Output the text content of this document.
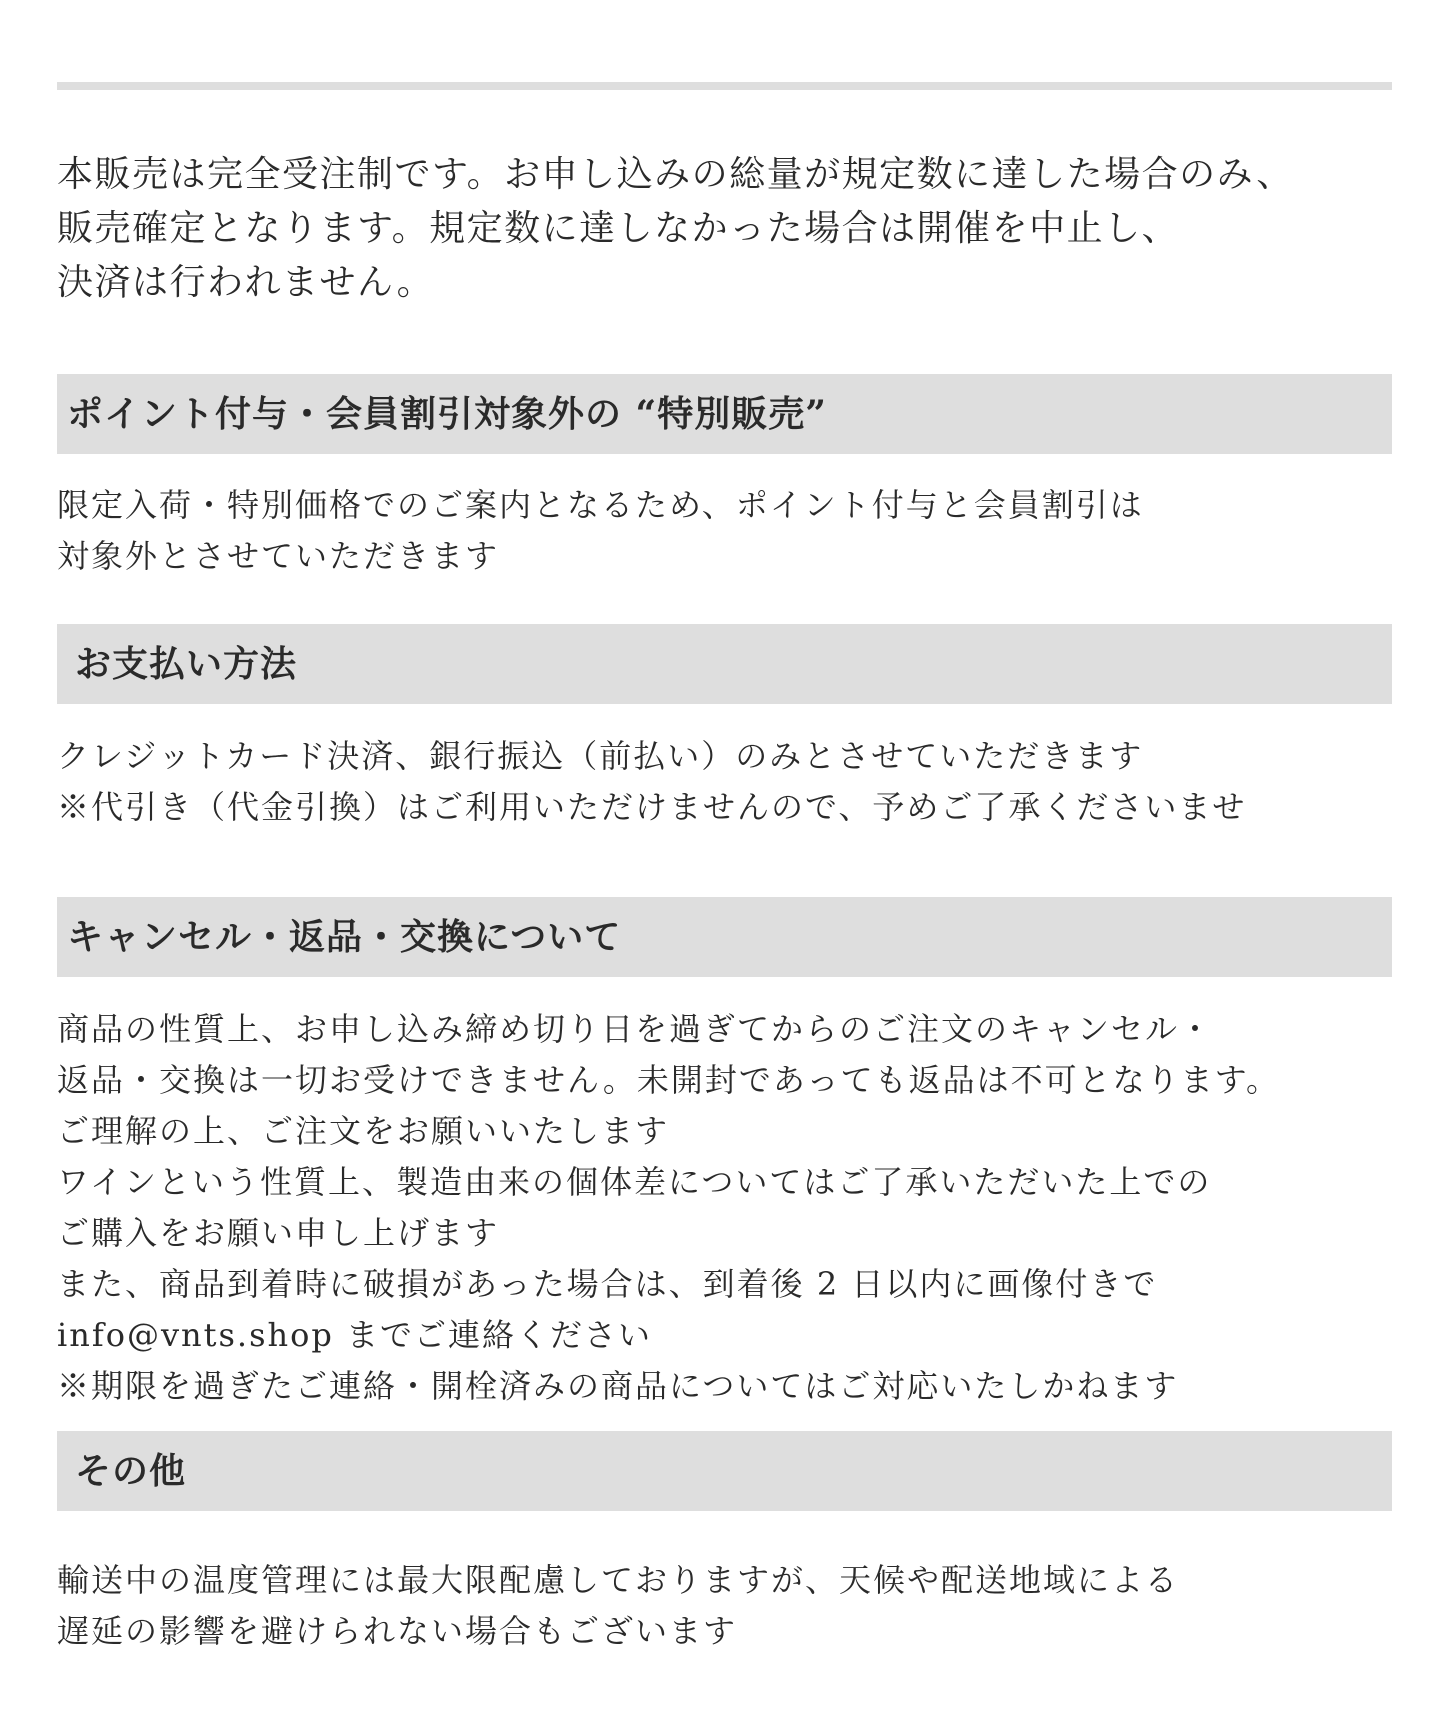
本販売は完全受注制です。お申し込みの総量が規定数に達した場合のみ、
販売確定となります。規定数に達しなかった場合は開催を中止し、
決済は行われません。
ポイント付与・会員割引対象外の “特別販売”
限定入荷・特別価格でのご案内となるため、ポイント付与と会員割引は
対象外とさせていただきます
お支払い方法
クレジットカード決済、銀行振込（前払い）のみとさせていただきます
※代引き（代金引換）はご利用いただけませんので、予めご了承くださいませ
キャンセル・返品・交換について
商品の性質上、お申し込み締め切り日を過ぎてからのご注文のキャンセル・
返品・交換は一切お受けできません。未開封であっても返品は不可となります。
ご理解の上、ご注文をお願いいたします
ワインという性質上、製造由来の個体差についてはご了承いただいた上での
ご購入をお願い申し上げます
また、商品到着時に破損があった場合は、到着後 2 日以内に画像付きで
info@vnts.shop までご連絡ください
※期限を過ぎたご連絡・開栓済みの商品についてはご対応いたしかねます
その他
輸送中の温度管理には最大限配慮しておりますが、天候や配送地域による
遅延の影響を避けられない場合もございます
